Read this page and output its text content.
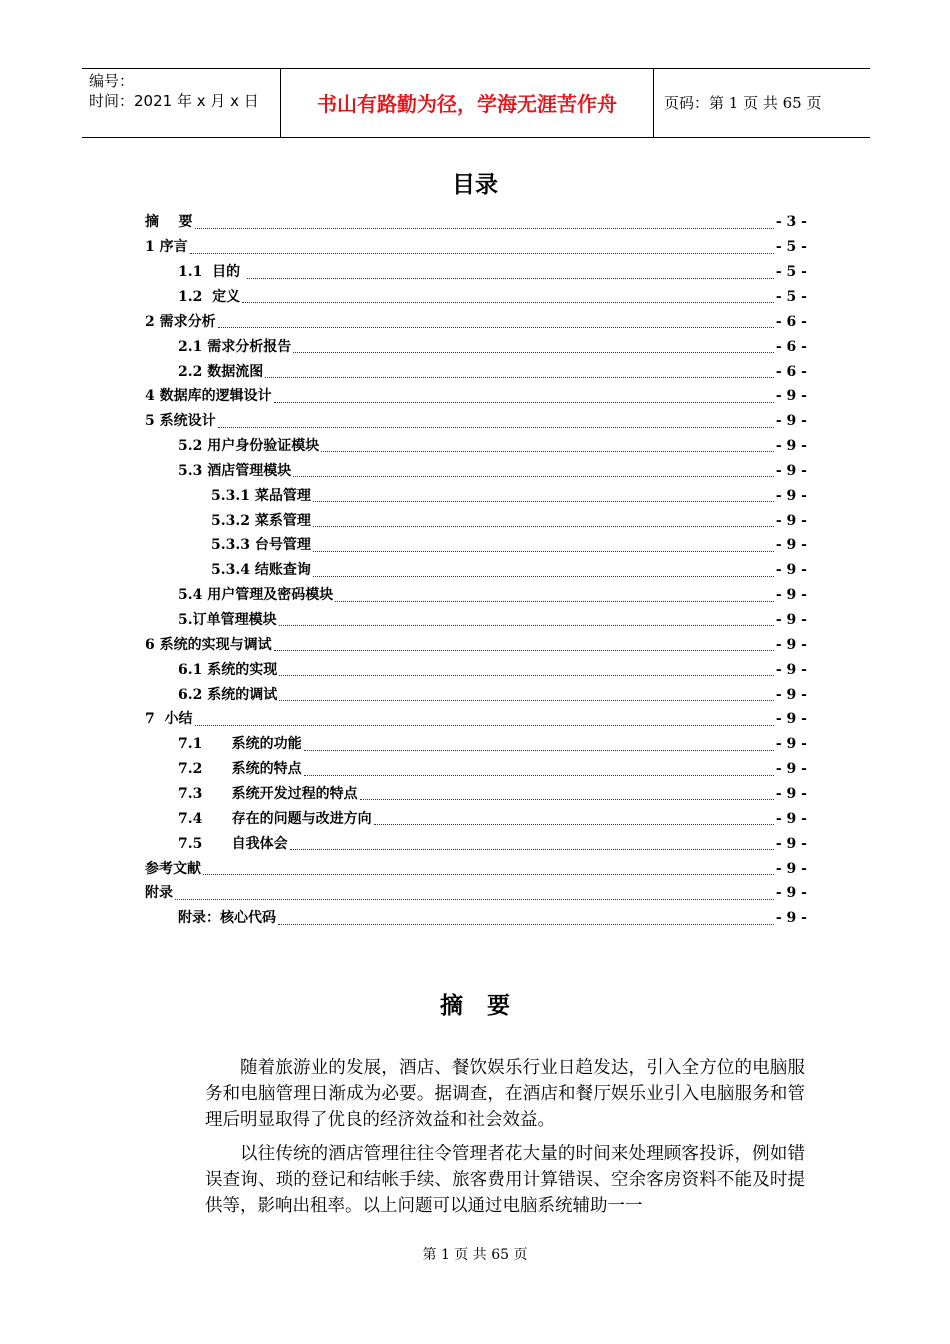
编号：
时间：2021 年 x 月 x 日	书山有路勤为径，学海无涯苦作舟	页码：第 1 页 共 65 页
目录
摘    要	- 3 -
1 序言	- 5 -
1.1  目的	- 5 -
1.2  定义	- 5 -
2 需求分析	- 6 -
2.1 需求分析报告	- 6 -
2.2 数据流图	- 6 -
4 数据库的逻辑设计	- 9 -
5 系统设计	- 9 -
5.2 用户身份验证模块	- 9 -
5.3 酒店管理模块	- 9 -
5.3.1 菜品管理	- 9 -
5.3.2 菜系管理	- 9 -
5.3.3 台号管理	- 9 -
5.3.4 结账查询	- 9 -
5.4 用户管理及密码模块	- 9 -
5.订单管理模块	- 9 -
6 系统的实现与调试	- 9 -
6.1 系统的实现	- 9 -
6.2 系统的调试	- 9 -
7  小结	- 9 -
7.1      系统的功能	- 9 -
7.2      系统的特点	- 9 -
7.3      系统开发过程的特点	- 9 -
7.4      存在的问题与改进方向	- 9 -
7.5      自我体会	- 9 -
参考文献	- 9 -
附录	- 9 -
附录：核心代码	- 9 -
摘要
随着旅游业的发展，酒店、餐饮娱乐行业日趋发达，引入全方位的电脑服务和电脑管理日渐成为必要。据调查，在酒店和餐厅娱乐业引入电脑服务和管理后明显取得了优良的经济效益和社会效益。
以往传统的酒店管理往往令管理者花大量的时间来处理顾客投诉，例如错误查询、琐的登记和结帐手续、旅客费用计算错误、空余客房资料不能及时提供等，影响出租率。以上问题可以通过电脑系统辅助一一
第 1 页 共 65 页
